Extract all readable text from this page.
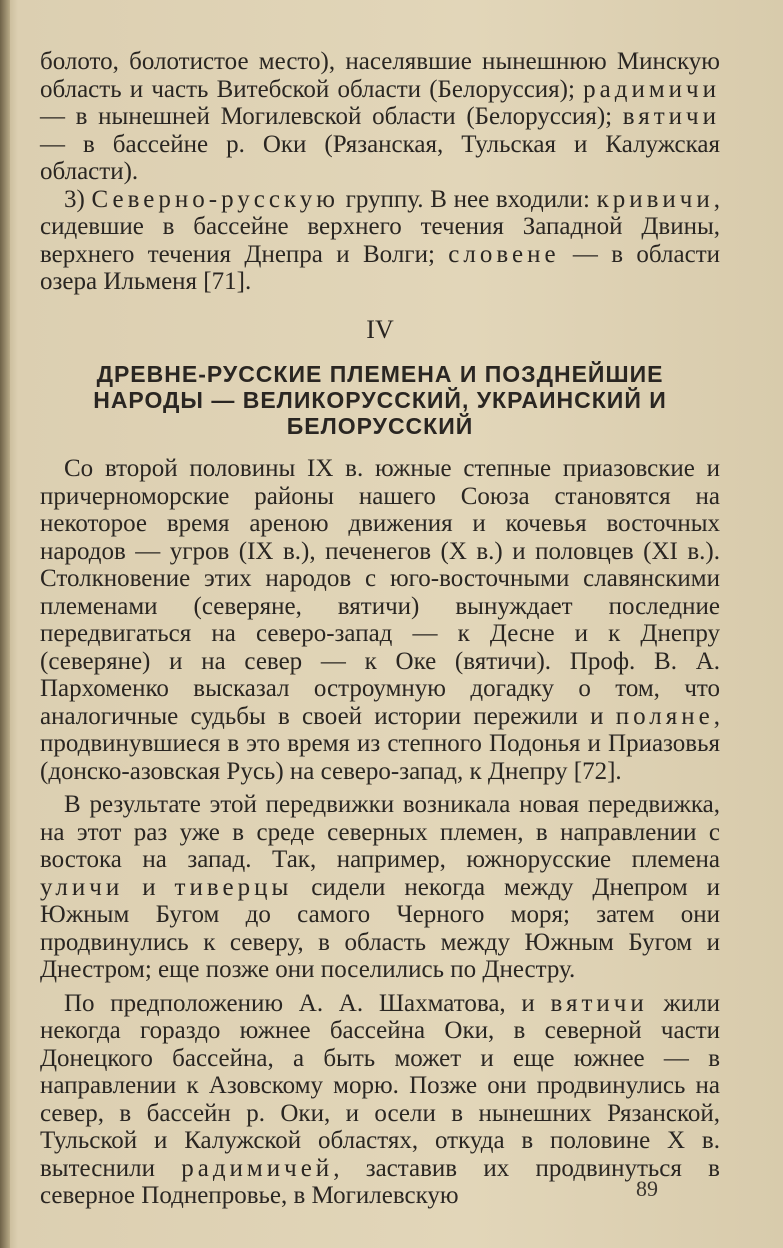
болото, болотистое место), населявшие нынешнюю Минскую область и часть Витебской области (Белоруссия); радимичи— в нынешней Могилевской области (Белоруссия); вятичи — в бассейне р. Оки (Рязанская, Тульская и Калужская области).

3) Северно-русскую группу. В нее входили: кривичи, сидевшие в бассейне верхнего течения Западной Двины, верхнего течения Днепра и Волги; словене — в области озера Ильменя [71].

IV
ДРЕВНЕ-РУССКИЕ ПЛЕМЕНА И ПОЗДНЕЙШИЕ НАРОДЫ — ВЕЛИКОРУССКИЙ, УКРАИНСКИЙ И БЕЛОРУССКИЙ

Со второй половины IX в. южные степные приазовские и причерноморские районы нашего Союза становятся на некоторое время ареною движения и кочевья восточных народов — угров (IX в.), печенегов (X в.) и половцев (XI в.). Столкновение этих народов с юго-восточными славянскими племенами (северяне, вятичи) вынуждает последние передвигаться на северо-запад — к Десне и к Днепру (северяне) и на север — к Оке (вятичи). Проф. В. А. Пархоменко высказал остроумную догадку о том, что аналогичные судьбы в своей истории пережили и поляне, продвинувшиеся в это время из степного Подонья и Приазовья (донско-азовская Русь) на северо-запад, к Днепру [72].

В результате этой передвижки возникала новая передвижка, на этот раз уже в среде северных племен, в направлении с востока на запад. Так, например, южнорусские племена уличи и тиверцы сидели некогда между Днепром и Южным Бугом до самого Черного моря; затем они продвинулись к северу, в область между Южным Бугом и Днестром; еще позже они поселились по Днестру.

По предположению А. А. Шахматова, и вятичи жили некогда гораздо южнее бассейна Оки, в северной части Донецкого бассейна, а быть может и еще южнее — в направлении к Азовскому морю. Позже они продвинулись на север, в бассейн р. Оки, и осели в нынешних Рязанской, Тульской и Калужской областях, откуда в половине X в. вытеснили радимичей, заставив их продвинуться в северное Поднепровье, в Могилевскую	89
